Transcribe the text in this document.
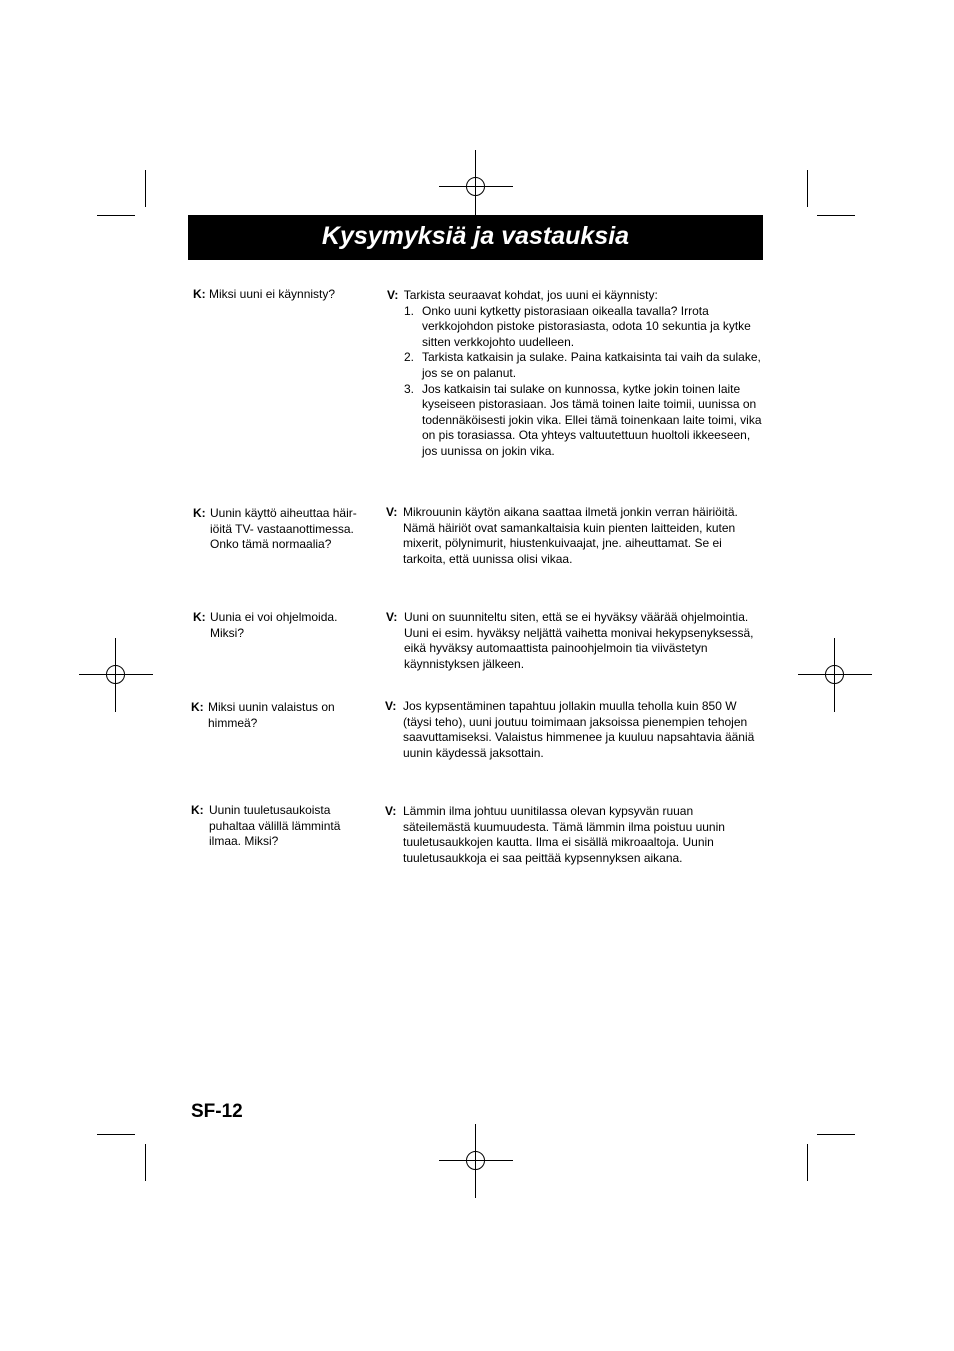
Kysymyksiä ja vastauksia
K: Miksi uuni ei käynnisty?	V: Tarkista seuraavat kohdat, jos uuni ei käynnisty:
1. Onko uuni kytketty pistorasiaan oikealla tavalla? Irrota verkkojohdon pistoke pistorasiasta, odota 10 sekuntia ja kytke sitten verkkojohto uudelleen.
2. Tarkista katkaisin ja sulake. Paina katkaisinta tai vaih da sulake, jos se on palanut.
3. Jos katkaisin tai sulake on kunnossa, kytke jokin toinen laite kyseiseen pistorasiaan. Jos tämä toinen laite toimii, uunissa on todennäköisesti jokin vika. Ellei tämä toinenkaan laite toimi, vika on pis torasiassa. Ota yhteys valtuutettuun huoltoli ikkeeseen, jos uunissa on jokin vika.
K: Uunin käyttö aiheuttaa häir-iöitä TV- vastaanottimessa. Onko tämä normaalia?
V: Mikrouunin käytön aikana saattaa ilmetä jonkin verran häiriöitä. Nämä häiriöt ovat samankaltaisia kuin pienten laitteiden, kuten mixerit, pölynimurit, hiustenkuivaajat, jne. aiheuttamat. Se ei tarkoita, että uunissa olisi vikaa.
K: Uunia ei voi ohjelmoida. Miksi?
V: Uuni on suunniteltu siten, että se ei hyväksy väärää ohjelmointia. Uuni ei esim. hyväksy neljättä vaihetta monivai hekypsenyksessä, eikä hyväksy automaattista painoohjelmoin tia viivästetyn käynnistyksen jälkeen.
K: Miksi uunin valaistus on himmeä?
V: Jos kypsentäminen tapahtuu jollakin muulla teholla kuin 850 W (täysi teho), uuni joutuu toimimaan jaksoissa pienempien tehojen saavuttamiseksi. Valaistus himmenee ja kuuluu napsahtavia ääniä uunin käydessä jaksottain.
K: Uunin tuuletusaukoista puhaltaa välillä lämmintä ilmaa. Miksi?
V: Lämmin ilma johtuu uunitilassa olevan kypsyvän ruuan säteilemästä kuumuudesta. Tämä lämmin ilma poistuu uunin tuuletusaukkojen kautta. Ilma ei sisällä mikroaaltoja. Uunin tuuletusaukkoja ei saa peittää kypsennyksen aikana.
SF-12
